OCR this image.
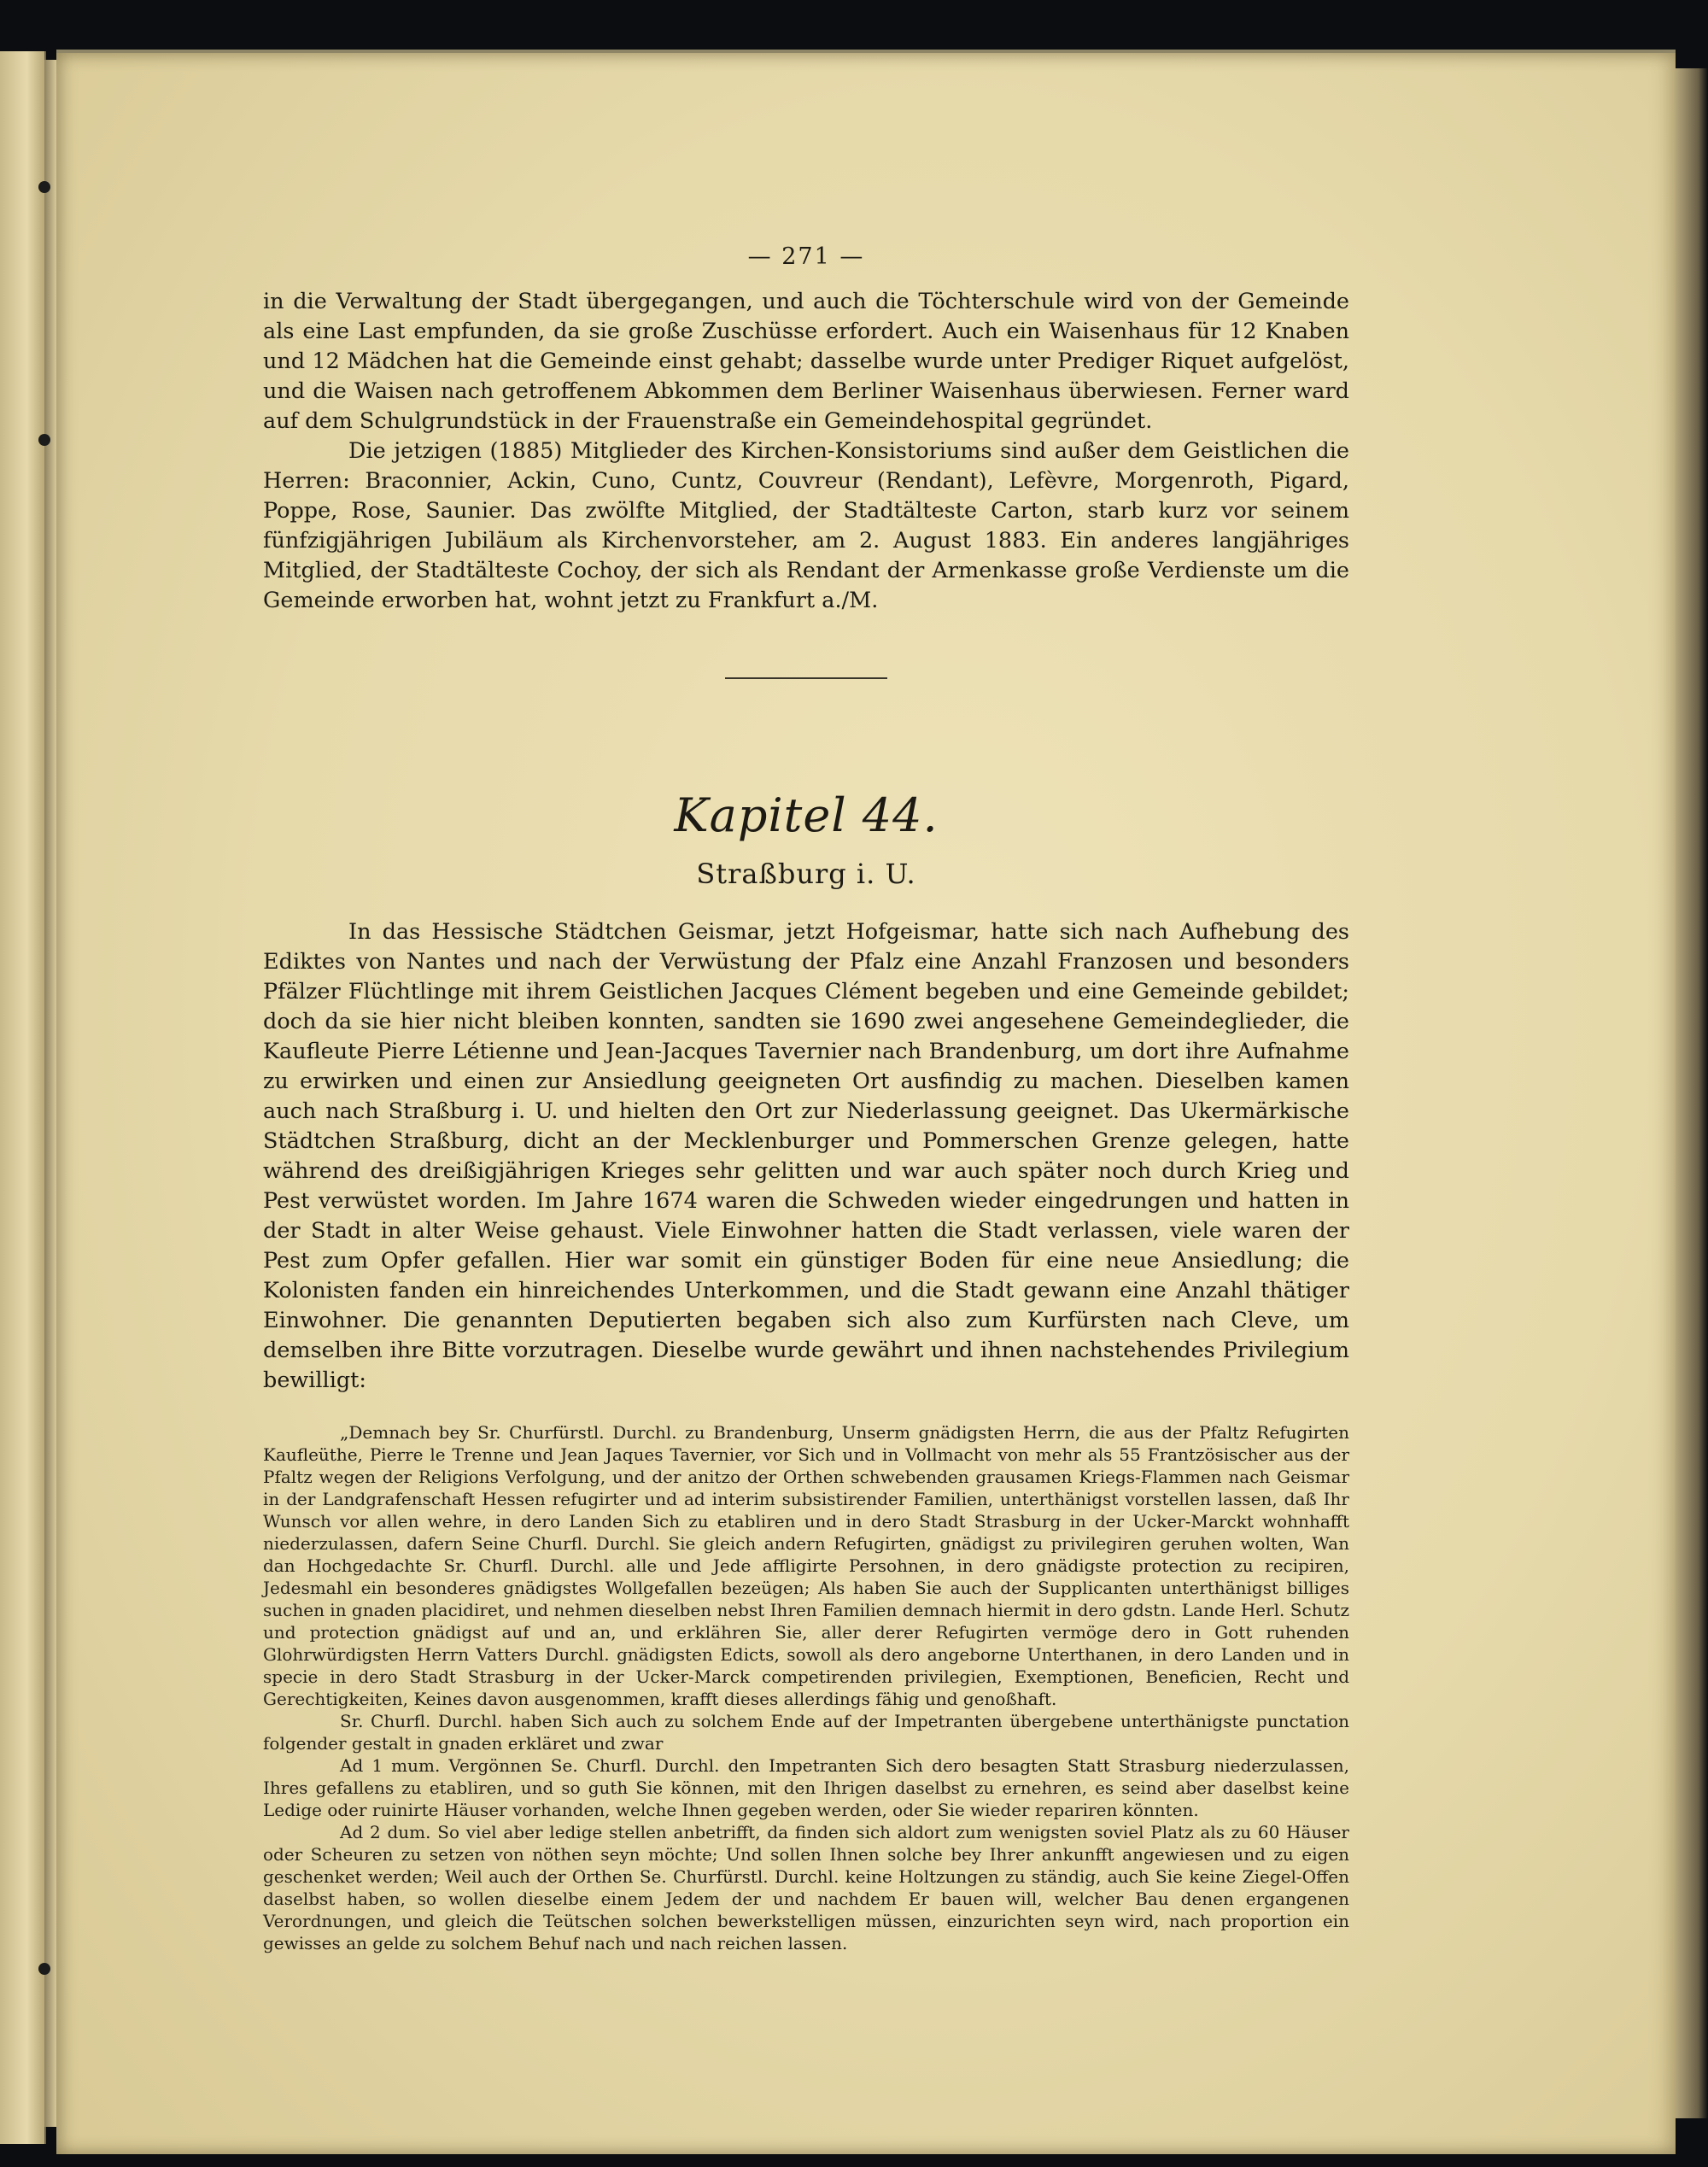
— 271 —

in die Verwaltung der Stadt übergegangen, und auch die Töchterschule wird von der Gemeinde als eine Last empfunden, da sie große Zuschüsse erfordert. Auch ein Waisenhaus für 12 Knaben und 12 Mädchen hat die Gemeinde einst gehabt; dasselbe wurde unter Prediger Riquet aufgelöst, und die Waisen nach getroffenem Abkommen dem Berliner Waisenhaus überwiesen. Ferner ward auf dem Schulgrundstück in der Frauenstraße ein Gemeindehospital gegründet.

Die jetzigen (1885) Mitglieder des Kirchen-Konsistoriums sind außer dem Geistlichen die Herren: Braconnier, Ackin, Cuno, Cuntz, Couvreur (Rendant), Lefèvre, Morgenroth, Pigard, Poppe, Rose, Saunier. Das zwölfte Mitglied, der Stadtälteste Carton, starb kurz vor seinem fünfzigjährigen Jubiläum als Kirchenvorsteher, am 2. August 1883. Ein anderes langjähriges Mitglied, der Stadtälteste Cochoy, der sich als Rendant der Armenkasse große Verdienste um die Gemeinde erworben hat, wohnt jetzt zu Frankfurt a./M.

Kapitel 44.
Straßburg i. U.

In das Hessische Städtchen Geismar, jetzt Hofgeismar, hatte sich nach Aufhebung des Ediktes von Nantes und nach der Verwüstung der Pfalz eine Anzahl Franzosen und besonders Pfälzer Flüchtlinge mit ihrem Geistlichen Jacques Clément begeben und eine Gemeinde gebildet; doch da sie hier nicht bleiben konnten, sandten sie 1690 zwei angesehene Gemeindeglieder, die Kaufleute Pierre Létienne und Jean-Jacques Tavernier nach Brandenburg, um dort ihre Aufnahme zu erwirken und einen zur Ansiedlung geeigneten Ort ausfindig zu machen. Dieselben kamen auch nach Straßburg i. U. und hielten den Ort zur Niederlassung geeignet. Das Ukermärkische Städtchen Straßburg, dicht an der Mecklenburger und Pommerschen Grenze gelegen, hatte während des dreißigjährigen Krieges sehr gelitten und war auch später noch durch Krieg und Pest verwüstet worden. Im Jahre 1674 waren die Schweden wieder eingedrungen und hatten in der Stadt in alter Weise gehaust. Viele Einwohner hatten die Stadt verlassen, viele waren der Pest zum Opfer gefallen. Hier war somit ein günstiger Boden für eine neue Ansiedlung; die Kolonisten fanden ein hinreichendes Unterkommen, und die Stadt gewann eine Anzahl thätiger Einwohner. Die genannten Deputierten begaben sich also zum Kurfürsten nach Cleve, um demselben ihre Bitte vorzutragen. Dieselbe wurde gewährt und ihnen nachstehendes Privilegium bewilligt:

„Demnach bey Sr. Churfürstl. Durchl. zu Brandenburg, Unserm gnädigsten Herrn, die aus der Pfaltz Refugirten Kaufleüthe, Pierre le Trenne und Jean Jaques Tavernier, vor Sich und in Vollmacht von mehr als 55 Frantzösischer aus der Pfaltz wegen der Religions Verfolgung, und der anitzo der Orthen schwebenden grausamen Kriegs-Flammen nach Geismar in der Landgrafenschaft Hessen refugirter und ad interim subsistirender Familien, unterthänigst vorstellen lassen, daß Ihr Wunsch vor allen wehre, in dero Landen Sich zu etabliren und in dero Stadt Strasburg in der Ucker-Marckt wohnhafft niederzulassen, dafern Seine Churfl. Durchl. Sie gleich andern Refugirten, gnädigst zu privilegiren geruhen wolten, Wan dan Hochgedachte Sr. Churfl. Durchl. alle und Jede affligirte Persohnen, in dero gnädigste protection zu recipiren, Jedesmahl ein besonderes gnädigstes Wollgefallen bezeügen; Als haben Sie auch der Supplicanten unterthänigst billiges suchen in gnaden placidiret, und nehmen dieselben nebst Ihren Familien demnach hiermit in dero gdstn. Lande Herl. Schutz und protection gnädigst auf und an, und erklähren Sie, aller derer Refugirten vermöge dero in Gott ruhenden Glohrwürdigsten Herrn Vatters Durchl. gnädigsten Edicts, sowoll als dero angeborne Unterthanen, in dero Landen und in specie in dero Stadt Strasburg in der Ucker-Marck competirenden privilegien, Exemptionen, Beneficien, Recht und Gerechtigkeiten, Keines davon ausgenommen, krafft dieses allerdings fähig und genoßhaft.

Sr. Churfl. Durchl. haben Sich auch zu solchem Ende auf der Impetranten übergebene unterthänigste punctation folgender gestalt in gnaden erkläret und zwar

Ad 1 mum. Vergönnen Se. Churfl. Durchl. den Impetranten Sich dero besagten Statt Strasburg niederzulassen, Ihres gefallens zu etabliren, und so guth Sie können, mit den Ihrigen daselbst zu ernehren, es seind aber daselbst keine Ledige oder ruinirte Häuser vorhanden, welche Ihnen gegeben werden, oder Sie wieder repariren könnten.

Ad 2 dum. So viel aber ledige stellen anbetrifft, da finden sich aldort zum wenigsten soviel Platz als zu 60 Häuser oder Scheuren zu setzen von nöthen seyn möchte; Und sollen Ihnen solche bey Ihrer ankunfft angewiesen und zu eigen geschenket werden; Weil auch der Orthen Se. Churfürstl. Durchl. keine Holtzungen zu ständig, auch Sie keine Ziegel-Offen daselbst haben, so wollen dieselbe einem Jedem der und nachdem Er bauen will, welcher Bau denen ergangenen Verordnungen, und gleich die Teütschen solchen bewerkstelligen müssen, einzurichten seyn wird, nach proportion ein gewisses an gelde zu solchem Behuf nach und nach reichen lassen.
